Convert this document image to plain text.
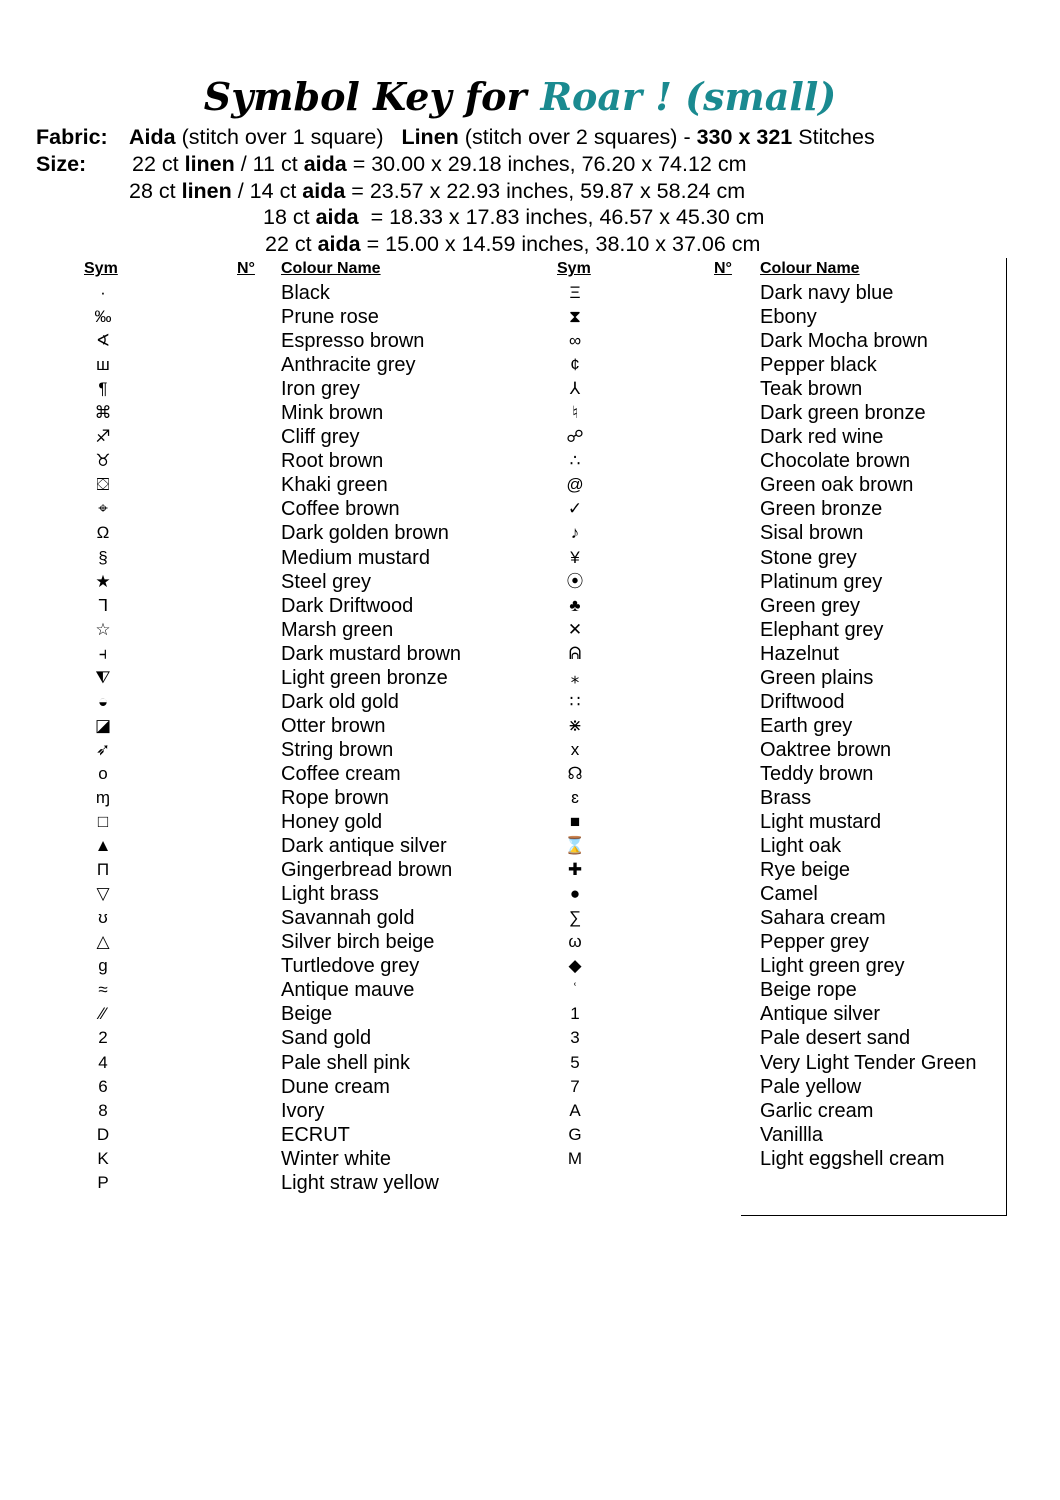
Symbol Key for Roar ! (small)
Fabric: Aida (stitch over 1 square) Linen (stitch over 2 squares) - 330 x 321 Stitches
Size: 22 ct linen / 11 ct aida = 30.00 x 29.18 inches, 76.20 x 74.12 cm
28 ct linen / 14 ct aida = 23.57 x 22.93 inches, 59.87 x 58.24 cm
18 ct aida  = 18.33 x 17.83 inches, 46.57 x 45.30 cm
22 ct aida = 15.00 x 14.59 inches, 38.10 x 37.06 cm
Sym	N° Colour Name	Sym	N° Colour Name
·	Black
‰	Prune rose
∢	Espresso brown
ш	Anthracite grey
¶	Iron grey
⌘	Mink brown
♐	Cliff grey
♉	Root brown
⛋	Khaki green
⌖	Coffee brown
Ω	Dark golden brown
§	Medium mustard
★	Steel grey
ᒣ	Dark Driftwood
☆	Marsh green
⫞	Dark mustard brown
⧨	Light green bronze
◒	Dark old gold
◪	Otter brown
➶	String brown
o	Coffee cream
ɱ	Rope brown
□	Honey gold
▲	Dark antique silver
Π	Gingerbread brown
▽	Light brass
ʊ	Savannah gold
△	Silver birch beige
g	Turtledove grey
≈	Antique mauve
⁄⁄	Beige
2	Sand gold
4	Pale shell pink
6	Dune cream
8	Ivory
D	ECRUT
K	Winter white
P	Light straw yellow
Ξ	Dark navy blue
⧗	Ebony
∞	Dark Mocha brown
¢	Pepper black
⅄	Teak brown
♮	Dark green bronze
☍	Dark red wine
∴	Chocolate brown
@	Green oak brown
✓	Green bronze
♪	Sisal brown
¥	Stone grey
⦿	Platinum grey
♣	Green grey
✕	Elephant grey
ᕱ	Hazelnut
⁎	Green plains
∷	Driftwood
⋇	Earth grey
x	Oaktree brown
☊	Teddy brown
ɛ	Brass
■	Light mustard
⌛	Light oak
✚	Rye beige
●	Camel
∑	Sahara cream
ω	Pepper grey
◆	Light green grey
ʿ	Beige rope
1	Antique silver
3	Pale desert sand
5	Very Light Tender Green
7	Pale yellow
A	Garlic cream
G	Vanillla
M	Light eggshell cream
